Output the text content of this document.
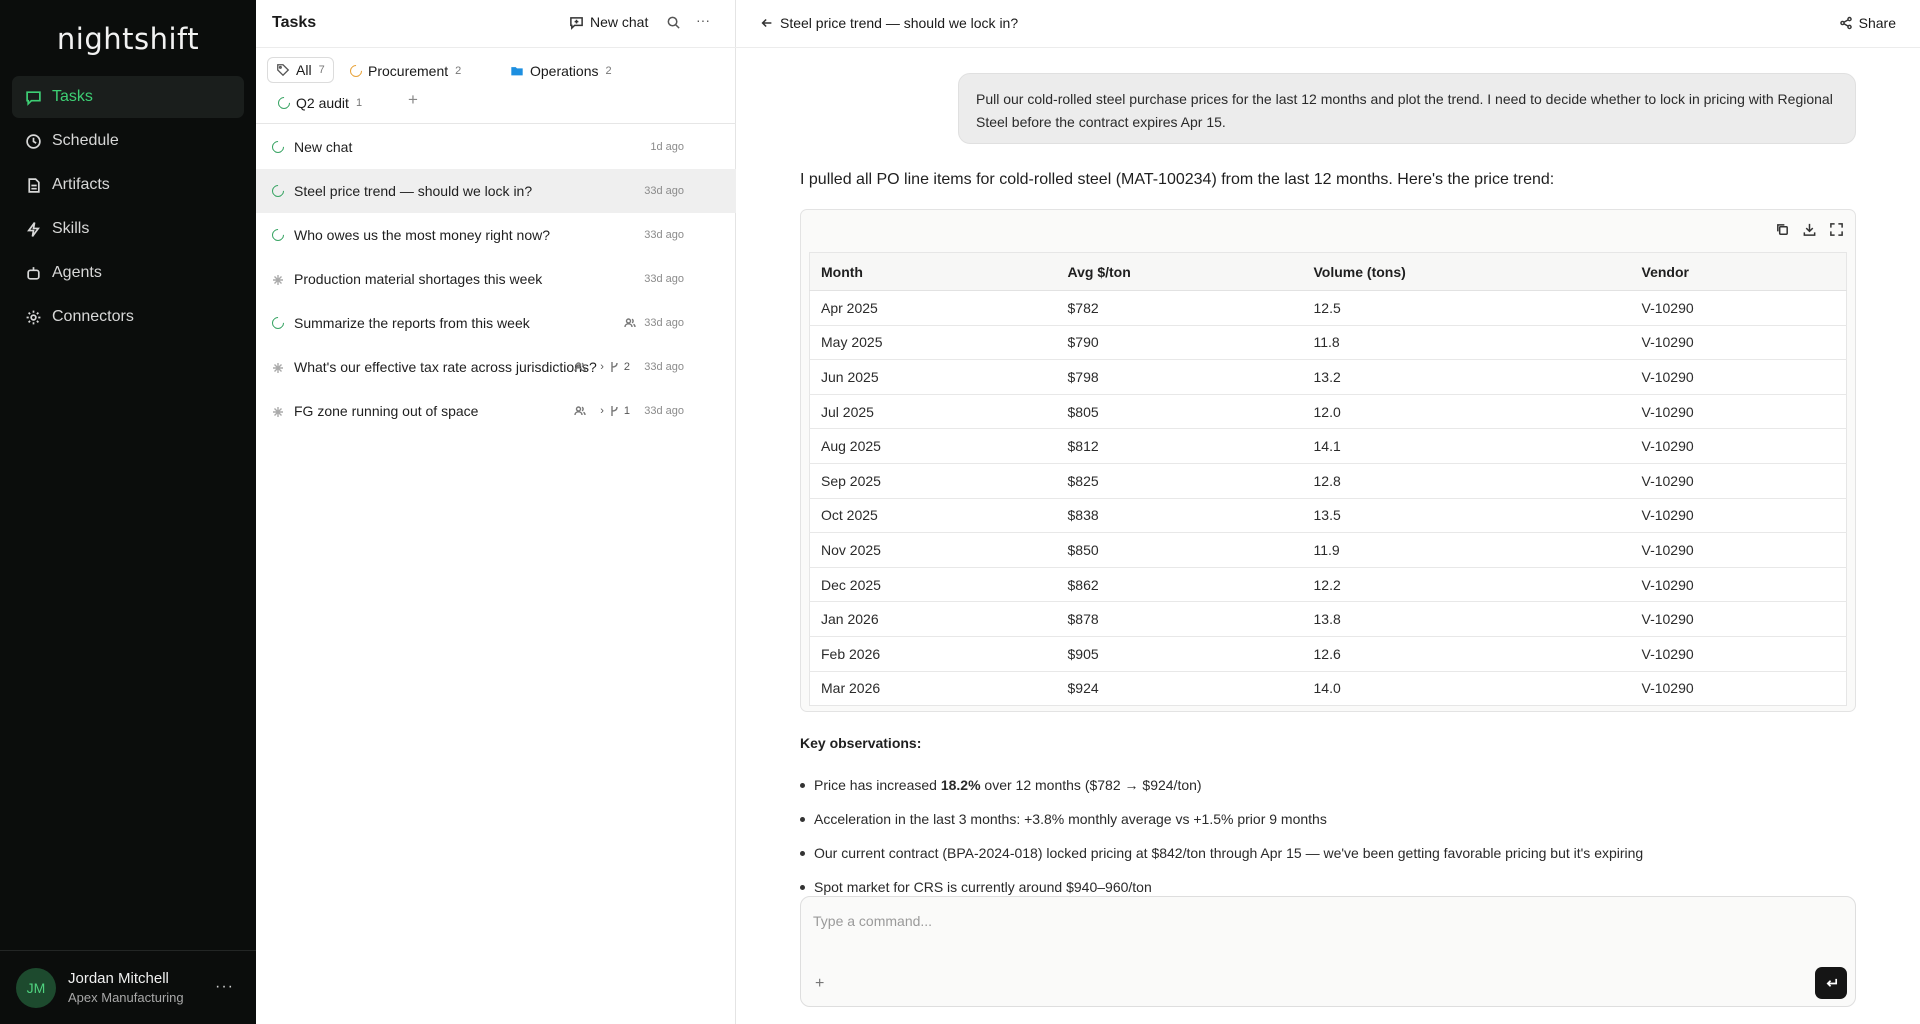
nightshift
Tasks
Schedule
Artifacts
Skills
Agents
Connectors
JM
Jordan Mitchell
Apex Manufacturing
···
Tasks	New chat	···
All 7	Procurement 2	Operations 2
Q2 audit 1	+
New chat	1d ago
Steel price trend — should we lock in?	33d ago
Who owes us the most money right now?	33d ago
Production material shortages this week	33d ago
Summarize the reports from this week	33d ago
What's our effective tax rate across jurisdictions? › 2 33d ago
FG zone running out of space	› 1 33d ago
Steel price trend — should we lock in?	Share
Pull our cold-rolled steel purchase prices for the last 12 months and plot the trend. I need to decide whether to lock in pricing with Regional Steel before the contract expires Apr 15.
I pulled all PO line items for cold-rolled steel (MAT-100234) from the last 12 months. Here's the price trend:
Month	Avg $/ton	Volume (tons)	Vendor
Apr 2025	$782	12.5	V-10290
May 2025	$790	11.8	V-10290
Jun 2025	$798	13.2	V-10290
Jul 2025	$805	12.0	V-10290
Aug 2025	$812	14.1	V-10290
Sep 2025	$825	12.8	V-10290
Oct 2025	$838	13.5	V-10290
Nov 2025	$850	11.9	V-10290
Dec 2025	$862	12.2	V-10290
Jan 2026	$878	13.8	V-10290
Feb 2026	$905	12.6	V-10290
Mar 2026	$924	14.0	V-10290
Key observations:
Price has increased 18.2% over 12 months ($782 → $924/ton)
Acceleration in the last 3 months: +3.8% monthly average vs +1.5% prior 9 months
Our current contract (BPA-2024-018) locked pricing at $842/ton through Apr 15 — we've been getting favorable pricing but it's expiring
Spot market for CRS is currently around $940–960/ton
Type a command...
+
